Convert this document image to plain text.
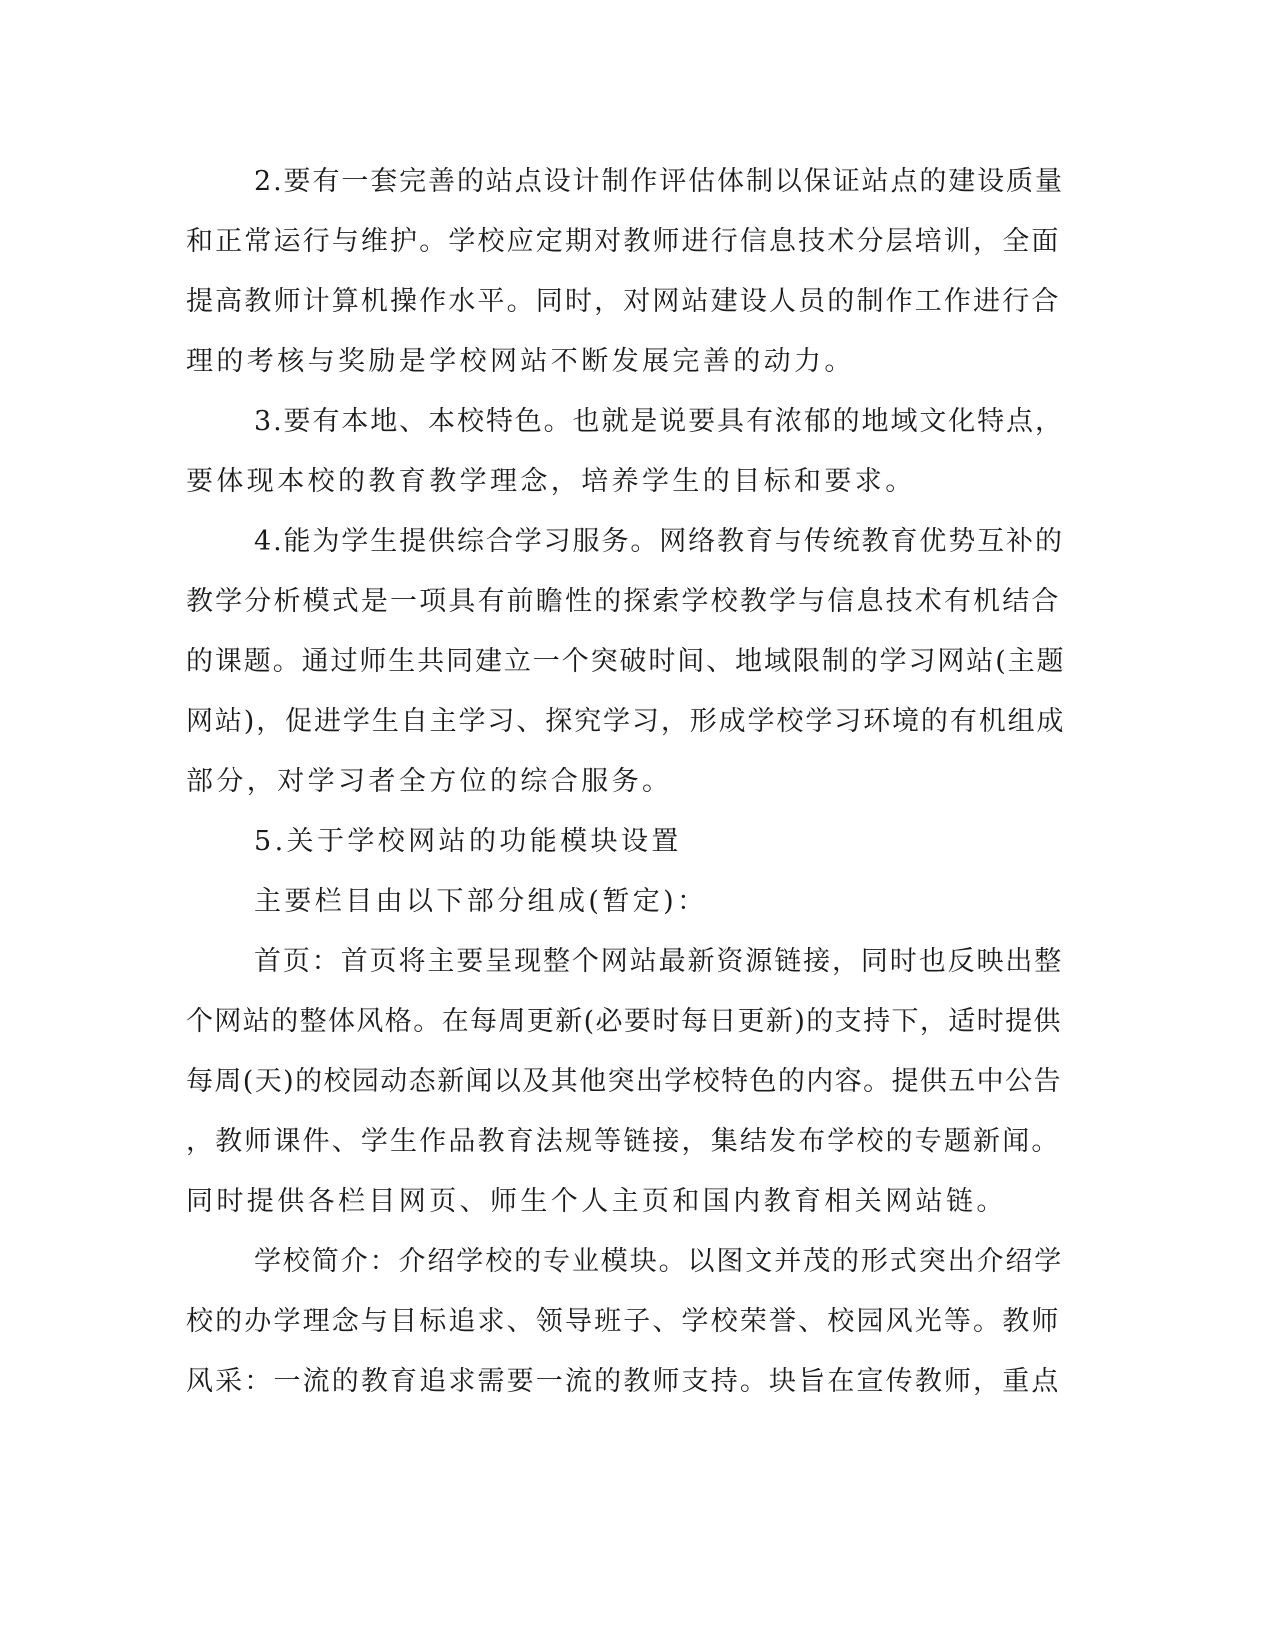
2.要有一套完善的站点设计制作评估体制以保证站点的建设质量
和正常运行与维护。学校应定期对教师进行信息技术分层培训，全面
提高教师计算机操作水平。同时，对网站建设人员的制作工作进行合
理的考核与奖励是学校网站不断发展完善的动力。
3.要有本地、本校特色。也就是说要具有浓郁的地域文化特点，
要体现本校的教育教学理念，培养学生的目标和要求。
4.能为学生提供综合学习服务。网络教育与传统教育优势互补的
教学分析模式是一项具有前瞻性的探索学校教学与信息技术有机结合
的课题。通过师生共同建立一个突破时间、地域限制的学习网站(主题
网站)，促进学生自主学习、探究学习，形成学校学习环境的有机组成
部分，对学习者全方位的综合服务。
5.关于学校网站的功能模块设置
主要栏目由以下部分组成(暂定)：
首页：首页将主要呈现整个网站最新资源链接，同时也反映出整
个网站的整体风格。在每周更新(必要时每日更新)的支持下，适时提供
每周(天)的校园动态新闻以及其他突出学校特色的内容。提供五中公告
，教师课件、学生作品教育法规等链接，集结发布学校的专题新闻。
同时提供各栏目网页、师生个人主页和国内教育相关网站链。
学校简介：介绍学校的专业模块。以图文并茂的形式突出介绍学
校的办学理念与目标追求、领导班子、学校荣誉、校园风光等。教师
风采：一流的教育追求需要一流的教师支持。块旨在宣传教师，重点
